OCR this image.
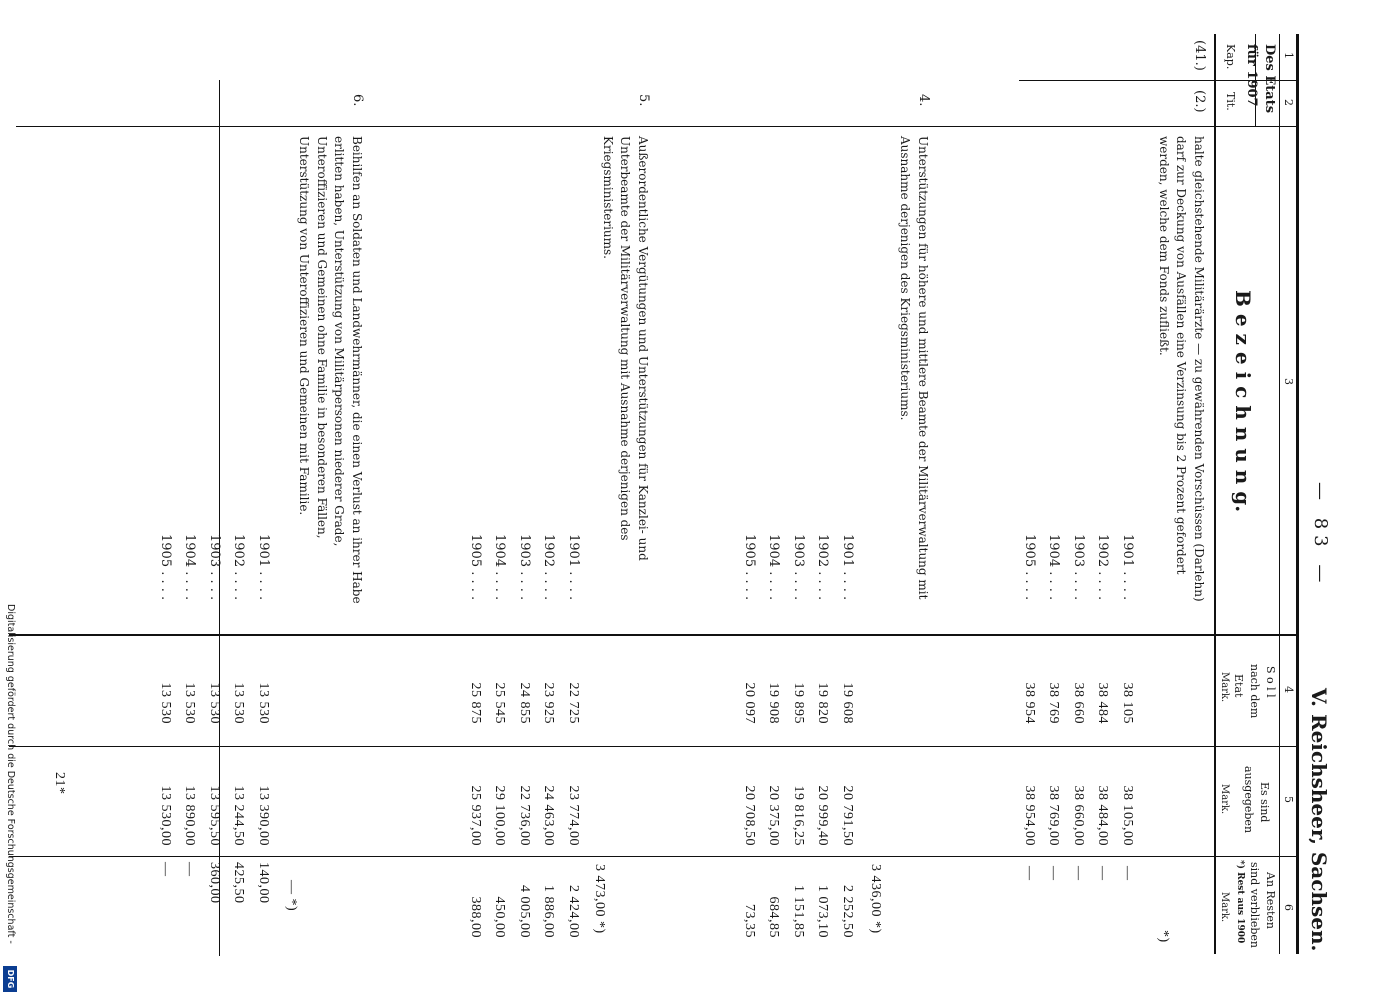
— 83 —
V. Reichsheer, Sachsen.
1
2
3
4
5
6
Des Etats
für 1907
Kap.
Tit.
B e z e i c h n u n g.
S o l l
nach dem
Etat
Mark.
Es sind
ausgegeben
Mark.
An Resten
sind verblieben
*) Rest aus 1900
Mark.
(41.)
(2.)
halte gleichstehende Militärärzte — zu gewährenden Vorschüssen (Darlehn) darf zur Deckung von Ausfällen eine Verzinsung bis 2 Prozent gefordert werden, welche dem Fonds zufließt.
1901 . . . .
1902 . . . .
1903 . . . .
1904 . . . .
1905 . . . .
38 105
38 484
38 660
38 769
38 954
38 105,00
38 484,00
38 660,00
38 769,00
38 954,00
*)
—
—
—
—
—
4.
Unterstützungen für höhere und mittlere Beamte der Militärverwaltung mit Ausnahme derjenigen des Kriegsministeriums.
1901 . . . .
1902 . . . .
1903 . . . .
1904 . . . .
1905 . . . .
19 608
19 820
19 895
19 908
20 097
20 791,50
20 999,40
19 816,25
20 375,00
20 708,50
3 436,00 *)
2 252,50
1 073,10
1 151,85
684,85
73,35
5.
Außerordentliche Vergütungen und Unterstützungen für Kanzlei- und Unterbeamte der Militärverwaltung mit Ausnahme derjenigen des Kriegsministeriums.
1901 . . . .
1902 . . . .
1903 . . . .
1904 . . . .
1905 . . . .
22 725
23 925
24 855
25 545
25 875
23 774,00
24 463,00
22 736,00
29 100,00
25 937,00
3 473,00 *)
2 424,00
1 886,00
4 005,00
450,00
388,00
6.
Beihilfen an Soldaten und Landwehrmänner, die einen Verlust an ihrer Habe erlitten haben, Unterstützung von Militärpersonen niederer Grade, Unteroffizieren und Gemeinen ohne Familie in besonderen Fällen, Unterstützung von Unteroffizieren und Gemeinen mit Familie.
1901 . . . .
1902 . . . .
1903 . . . .
1904 . . . .
1905 . . . .
13 530
13 530
13 530
13 530
13 530
13 390,00
13 244,50
13 595,50
13 890,00
13 530,00
— *)
140,00
425,50
360,00
—
—
21*
Digitalisierung gefördert durch die Deutsche Forschungsgemeinschaft -
DFG
